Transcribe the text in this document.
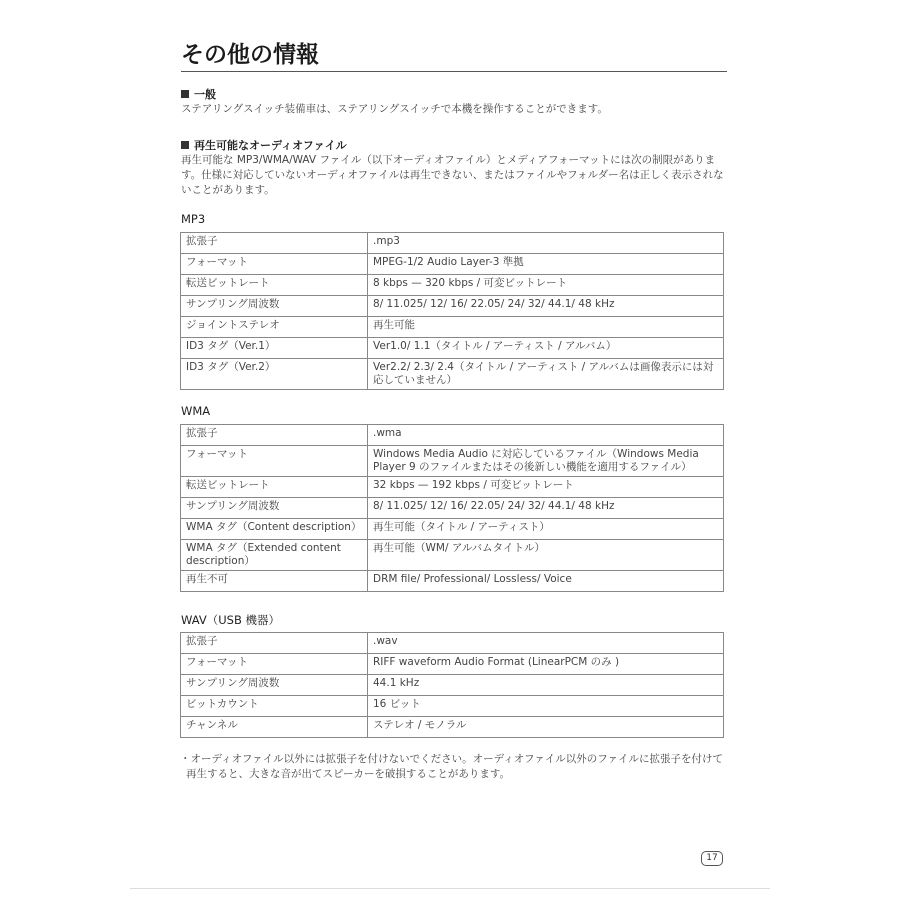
その他の情報
一般
ステアリングスイッチ装備車は、ステアリングスイッチで本機を操作することができます。
再生可能なオーディオファイル
再生可能な MP3/WMA/WAV ファイル（以下オーディオファイル）とメディアフォーマットには次の制限があります。仕様に対応していないオーディオファイルは再生できない、またはファイルやフォルダー名は正しく表示されないことがあります。
MP3
拡張子	.mp3
フォーマット	MPEG-1/2 Audio Layer-3 準拠
転送ビットレート	8 kbps — 320 kbps / 可変ビットレート
サンプリング周波数	8/ 11.025/ 12/ 16/ 22.05/ 24/ 32/ 44.1/ 48 kHz
ジョイントステレオ	再生可能
ID3 タグ（Ver.1）	Ver1.0/ 1.1（タイトル / アーティスト / アルバム）
ID3 タグ（Ver.2）	Ver2.2/ 2.3/ 2.4（タイトル / アーティスト / アルバムは画像表示には対応していません）
WMA
拡張子	.wma
フォーマット	Windows Media Audio に対応しているファイル（Windows Media Player 9 のファイルまたはその後新しい機能を適用するファイル）
転送ビットレート	32 kbps — 192 kbps / 可変ビットレート
サンプリング周波数	8/ 11.025/ 12/ 16/ 22.05/ 24/ 32/ 44.1/ 48 kHz
WMA タグ（Content description）	再生可能（タイトル / アーティスト）
WMA タグ（Extended content description）	再生可能（WM/ アルバムタイトル）
再生不可	DRM file/ Professional/ Lossless/ Voice
WAV（USB 機器）
拡張子	.wav
フォーマット	RIFF waveform Audio Format (LinearPCM のみ )
サンプリング周波数	44.1 kHz
ビットカウント	16 ビット
チャンネル	ステレオ / モノラル
・オーディオファイル以外には拡張子を付けないでください。オーディオファイル以外のファイルに拡張子を付けて再生すると、大きな音が出てスピーカーを破損することがあります。
17
